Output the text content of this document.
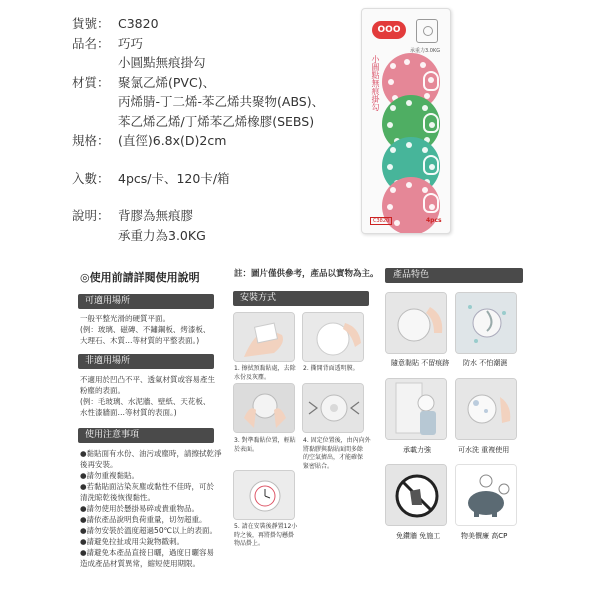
貨號： C3820
品名： 巧巧
小圓點無痕掛勾
材質： 聚氯乙烯(PVC)、
丙烯腈-丁二烯-苯乙烯共聚物(ABS)、
苯乙烯乙烯/丁烯苯乙烯橡膠(SEBS)
規格： (直徑)6.8x(D)2cm
入數： 4pcs/卡、120卡/箱
說明： 背膠為無痕膠
承重力為3.0KG
OOO
承重力3.0KG
小圓點無痕掛勾
C3820	4pcs
◎使用前請詳閱使用說明	註：圖片僅供參考，產品以實物為主。
可適用場所
一般平整光滑的硬質平面。
(例：玻璃、磁磚、不鏽鋼板、烤漆板、
大理石、木質…等材質的平整表面。)
非適用場所
不適用於凹凸不平、透氣材質或容易產生
粉塵的表面。
(例：毛玻璃、水泥牆、壁紙、天花板、
水性漆牆面…等材質的表面。)
使用注意事項
●黏貼面有水份、油污或塵時，請擦拭乾淨
後再安裝。
●請勿重複黏貼。
●若黏貼面沾染灰塵或黏性不佳時，可於
清洗晾乾後恢復黏性。
●請勿使用於懸掛易碎或貴重物品。
●請依產品說明負荷重量，切勿超重。
●請勿安裝於溫度超過50℃以上的表面。
●請避免拉扯或用尖銳物戳刺。
●請避免本產品直接日曬，過度日曬容易
造成產品材質異常，縮短使用期限。
安裝方式
1. 擦拭預黏貼處，去除
水份及灰塵。
2. 撕開背面透明膜。
3. 對準黏貼位置，輕貼
於表面。
4. 固定位置後，由內向外
將黏膠與黏貼面間多餘
的空氣擠出，才能確保
緊密貼合。
5. 請在安裝後靜置12小
時之後，再將掛勾懸掛
物品掛上。
產品特色
隨意黏貼 不留痕跡 防水 不怕潮濕
承載力強	可水洗 重複使用
免鑽牆 免施工	物美價廉 高CP
